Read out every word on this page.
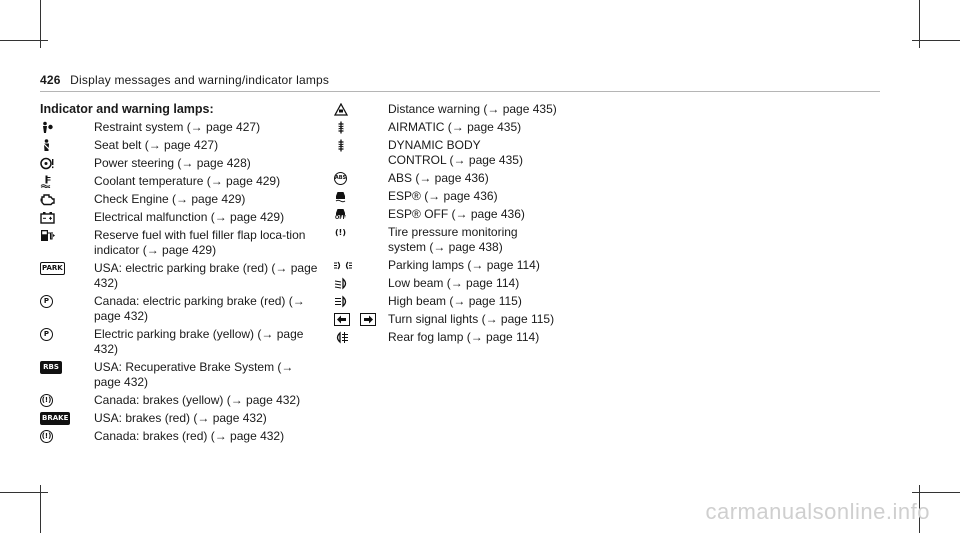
426 Display messages and warning/indicator lamps
Indicator and warning lamps:
Restraint system (→ page 427)
Seat belt (→ page 427)
Power steering (→ page 428)
Coolant temperature (→ page 429)
Check Engine (→ page 429)
Electrical malfunction (→ page 429)
Reserve fuel with fuel filler flap loca-tion indicator (→ page 429)
PARK	USA: electric parking brake (red) (→ page 432)
P	Canada: electric parking brake (red) (→ page 432)
P	Electric parking brake (yellow) (→ page 432)
RBS	USA: Recuperative Brake System (→ page 432)
(!)	Canada: brakes (yellow) (→ page 432)
BRAKE USA: brakes (red) (→ page 432)
(!)	Canada: brakes (red) (→ page 432)
Distance warning (→ page 435)
AIRMATIC (→ page 435)
DYNAMIC BODY CONTROL (→ page 435)
ABS	ABS (→ page 436)
ESP® (→ page 436)
OFF	ESP® OFF (→ page 436)
(!)	Tire pressure monitoring system (→ page 438)
Parking lamps (→ page 114)
Low beam (→ page 114)
High beam (→ page 115)
Turn signal lights (→ page 115)
Rear fog lamp (→ page 114)
carmanualsonline.info
